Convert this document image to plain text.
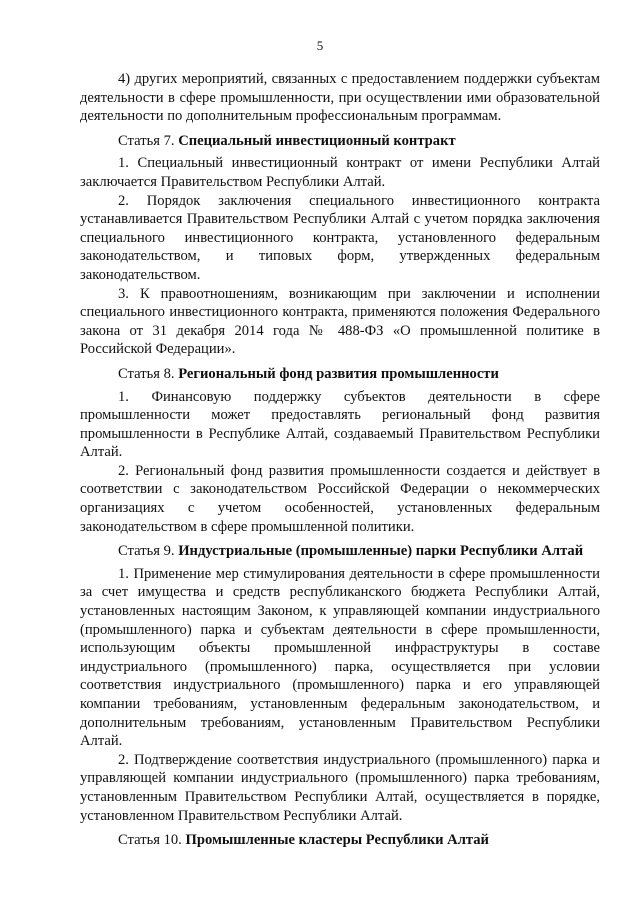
5

4) других мероприятий, связанных с предоставлением поддержки субъектам деятельности в сфере промышленности, при осуществлении ими образовательной деятельности по дополнительным профессиональным программам.

Статья 7. Специальный инвестиционный контракт

1. Специальный инвестиционный контракт от имени Республики Алтай заключается Правительством Республики Алтай.

2. Порядок заключения специального инвестиционного контракта устанавливается Правительством Республики Алтай с учетом порядка заключения специального инвестиционного контракта, установленного федеральным законодательством, и типовых форм, утвержденных федеральным законодательством.

3. К правоотношениям, возникающим при заключении и исполнении специального инвестиционного контракта, применяются положения Федерального закона от 31 декабря 2014 года № 488-ФЗ «О промышленной политике в Российской Федерации».

Статья 8. Региональный фонд развития промышленности

1. Финансовую поддержку субъектов деятельности в сфере промышленности может предоставлять региональный фонд развития промышленности в Республике Алтай, создаваемый Правительством Республики Алтай.

2. Региональный фонд развития промышленности создается и действует в соответствии с законодательством Российской Федерации о некоммерческих организациях с учетом особенностей, установленных федеральным законодательством в сфере промышленной политики.

Статья 9. Индустриальные (промышленные) парки Республики Алтай

1. Применение мер стимулирования деятельности в сфере промышленности за счет имущества и средств республиканского бюджета Республики Алтай, установленных настоящим Законом, к управляющей компании индустриального (промышленного) парка и субъектам деятельности в сфере промышленности, использующим объекты промышленной инфраструктуры в составе индустриального (промышленного) парка, осуществляется при условии соответствия индустриального (промышленного) парка и его управляющей компании требованиям, установленным федеральным законодательством, и дополнительным требованиям, установленным Правительством Республики Алтай.

2. Подтверждение соответствия индустриального (промышленного) парка и управляющей компании индустриального (промышленного) парка требованиям, установленным Правительством Республики Алтай, осуществляется в порядке, установленном Правительством Республики Алтай.

Статья 10. Промышленные кластеры Республики Алтай
